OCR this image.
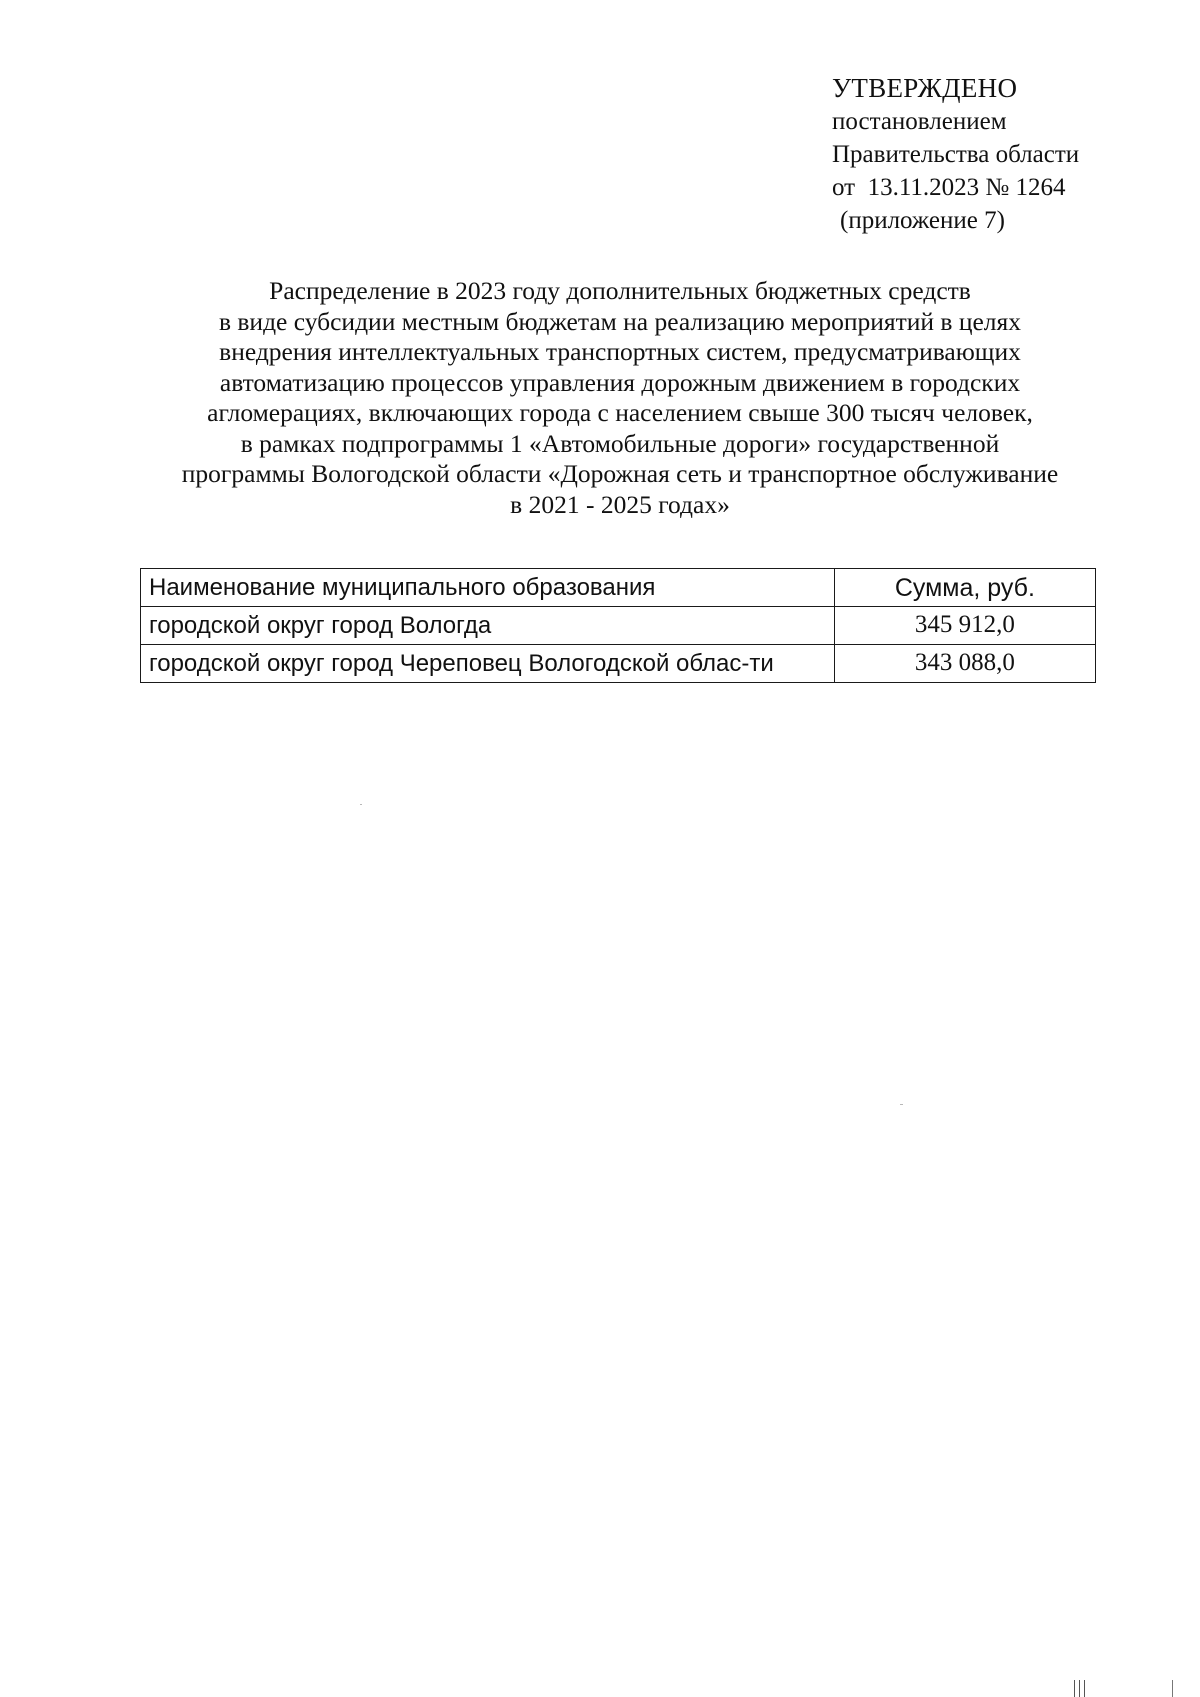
УТВЕРЖДЕНО
постановлением
Правительства области
от  13.11.2023 № 1264
(приложение 7)
Распределение в 2023 году дополнительных бюджетных средств
в виде субсидии местным бюджетам на реализацию мероприятий в целях
внедрения интеллектуальных транспортных систем, предусматривающих
автоматизацию процессов управления дорожным движением в городских
агломерациях, включающих города с населением свыше 300 тысяч человек,
в рамках подпрограммы 1 «Автомобильные дороги» государственной
программы Вологодской области «Дорожная сеть и транспортное обслуживание
в 2021 - 2025 годах»
Наименование муниципального образования	Сумма, руб.
городской округ город Вологда	345 912,0

городской округ город Череповец Вологодской облас-ти	343 088,0
